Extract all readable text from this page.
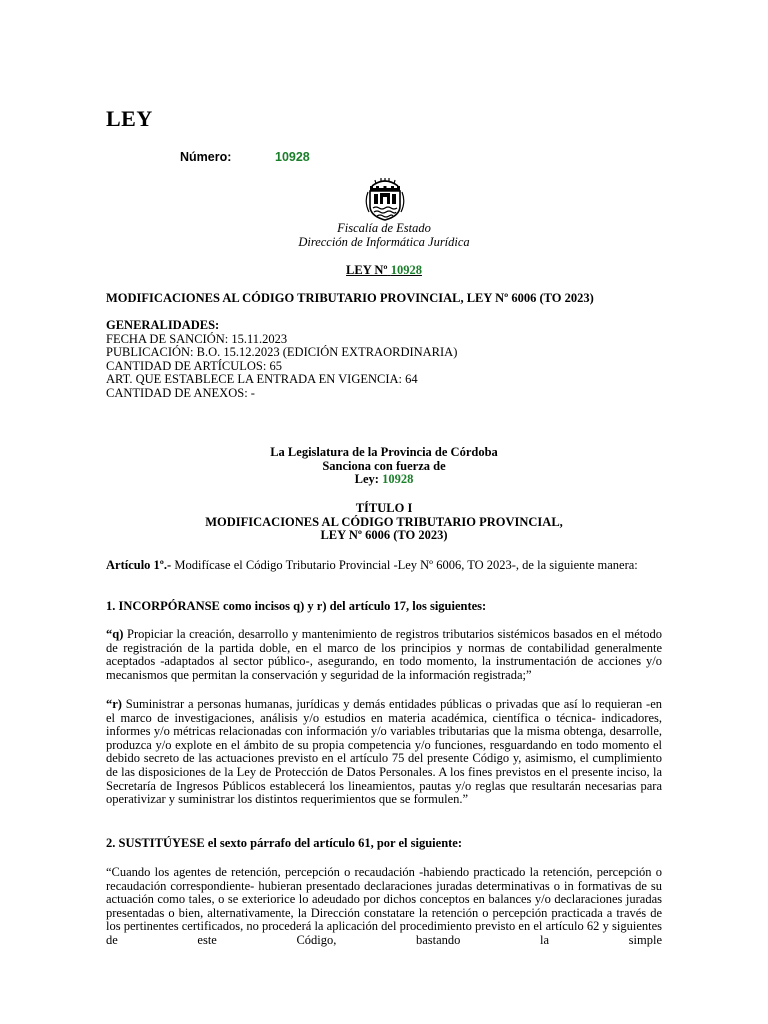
LEY
Número:	10928
Fiscalía de Estado
Dirección de Informática Jurídica
LEY Nº 10928
MODIFICACIONES AL CÓDIGO TRIBUTARIO PROVINCIAL, LEY Nº 6006 (TO 2023)
GENERALIDADES:
FECHA DE SANCIÓN: 15.11.2023
PUBLICACIÓN: B.O. 15.12.2023 (EDICIÓN EXTRAORDINARIA)
CANTIDAD DE ARTÍCULOS: 65
ART. QUE ESTABLECE LA ENTRADA EN VIGENCIA: 64
CANTIDAD DE ANEXOS: -
La Legislatura de la Provincia de Córdoba
Sanciona con fuerza de
Ley: 10928
TÍTULO I
MODIFICACIONES AL CÓDIGO TRIBUTARIO PROVINCIAL,
LEY Nº 6006 (TO 2023)

Artículo 1º.- Modifícase el Código Tributario Provincial -Ley Nº 6006, TO 2023-, de la siguiente manera:

1. INCORPÓRANSE como incisos q) y r) del artículo 17, los siguientes:

“q) Propiciar la creación, desarrollo y mantenimiento de registros tributarios sistémicos basados en el método de registración de la partida doble, en el marco de los principios y normas de contabilidad generalmente aceptados -adaptados al sector público-, asegurando, en todo momento, la instrumentación de acciones y/o mecanismos que permitan la conservación y seguridad de la información registrada;”

“r) Suministrar a personas humanas, jurídicas y demás entidades públicas o privadas que así lo requieran -en el marco de investigaciones, análisis y/o estudios en materia académica, científica o técnica- indicadores, informes y/o métricas relacionadas con información y/o variables tributarias que la misma obtenga, desarrolle, produzca y/o explote en el ámbito de su propia competencia y/o funciones, resguardando en todo momento el debido secreto de las actuaciones previsto en el artículo 75 del presente Código y, asimismo, el cumplimiento de las disposiciones de la Ley de Protección de Datos Personales. A los fines previstos en el presente inciso, la Secretaría de Ingresos Públicos establecerá los lineamientos, pautas y/o reglas que resultarán necesarias para operativizar y suministrar los distintos requerimientos que se formulen.”

2. SUSTITÚYESE el sexto párrafo del artículo 61, por el siguiente:

“Cuando los agentes de retención, percepción o recaudación -habiendo practicado la retención, percepción o recaudación correspondiente- hubieran presentado declaraciones juradas determinativas o in formativas de su actuación como tales, o se exteriorice lo adeudado por dichos conceptos en balances y/o declaraciones juradas presentadas o bien, alternativamente, la Dirección constatare la retención o percepción practicada a través de los pertinentes certificados, no procederá la aplicación del procedimiento previsto en el artículo 62 y siguientes de este Código, bastando la simple
